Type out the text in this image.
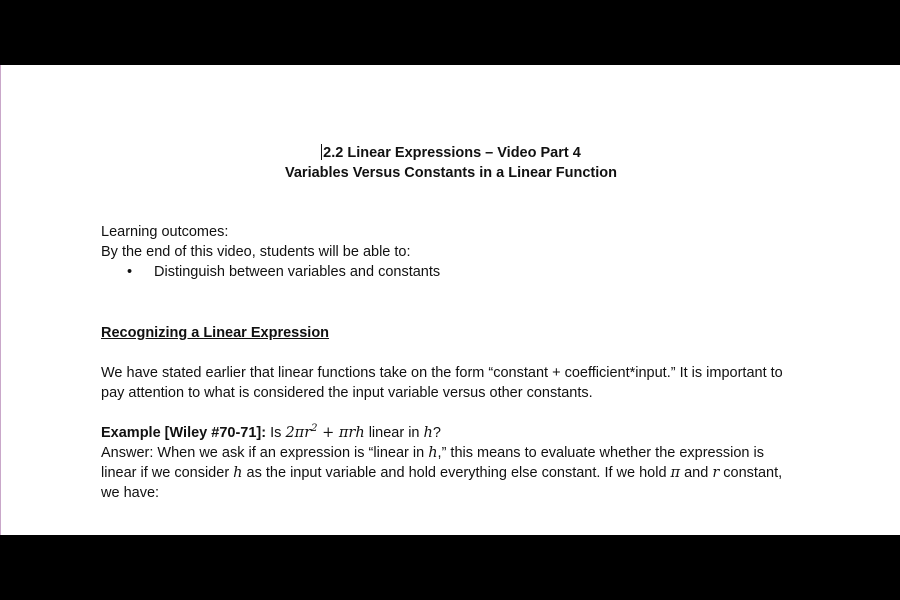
2.2 Linear Expressions – Video Part 4
Variables Versus Constants in a Linear Function
Learning outcomes:
By the end of this video, students will be able to:
• Distinguish between variables and constants
Recognizing a Linear Expression
We have stated earlier that linear functions take on the form “constant + coefficient*input.” It is important to pay attention to what is considered the input variable versus other constants.
Example [Wiley #70-71]: Is $2\pi r^2 + \pi rh$ linear in h?
Answer: When we ask if an expression is “linear in h,” this means to evaluate whether the expression is linear if we consider h as the input variable and hold everything else constant. If we hold π and r constant, we have:
